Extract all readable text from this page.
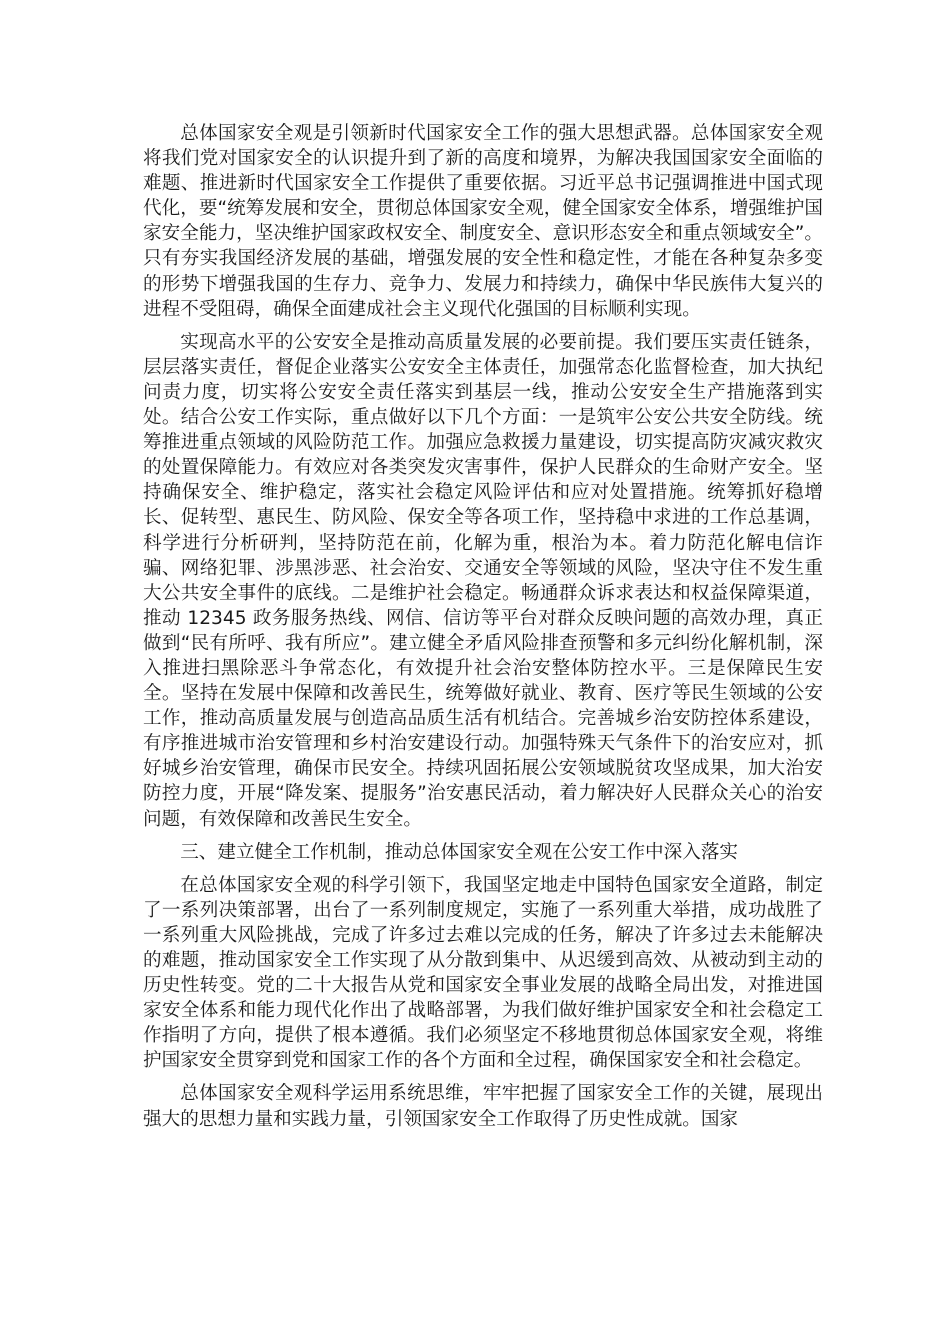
总体国家安全观是引领新时代国家安全工作的强大思想武器。总体国家安全观将我们党对国家安全的认识提升到了新的高度和境界，为解决我国国家安全面临的难题、推进新时代国家安全工作提供了重要依据。习近平总书记强调推进中国式现代化，要“统筹发展和安全，贯彻总体国家安全观，健全国家安全体系，增强维护国家安全能力，坚决维护国家政权安全、制度安全、意识形态安全和重点领域安全”。只有夯实我国经济发展的基础，增强发展的安全性和稳定性，才能在各种复杂多变的形势下增强我国的生存力、竞争力、发展力和持续力，确保中华民族伟大复兴的进程不受阻碍，确保全面建成社会主义现代化强国的目标顺利实现。

实现高水平的公安安全是推动高质量发展的必要前提。我们要压实责任链条，层层落实责任，督促企业落实公安安全主体责任，加强常态化监督检查，加大执纪问责力度，切实将公安安全责任落实到基层一线，推动公安安全生产措施落到实处。结合公安工作实际，重点做好以下几个方面：一是筑牢公安公共安全防线。统筹推进重点领域的风险防范工作。加强应急救援力量建设，切实提高防灾减灾救灾的处置保障能力。有效应对各类突发灾害事件，保护人民群众的生命财产安全。坚持确保安全、维护稳定，落实社会稳定风险评估和应对处置措施。统筹抓好稳增长、促转型、惠民生、防风险、保安全等各项工作，坚持稳中求进的工作总基调，科学进行分析研判，坚持防范在前，化解为重，根治为本。着力防范化解电信诈骗、网络犯罪、涉黑涉恶、社会治安、交通安全等领域的风险，坚决守住不发生重大公共安全事件的底线。二是维护社会稳定。畅通群众诉求表达和权益保障渠道，推动 12345 政务服务热线、网信、信访等平台对群众反映问题的高效办理，真正做到“民有所呼、我有所应”。建立健全矛盾风险排查预警和多元纠纷化解机制，深入推进扫黑除恶斗争常态化，有效提升社会治安整体防控水平。三是保障民生安全。坚持在发展中保障和改善民生，统筹做好就业、教育、医疗等民生领域的公安工作，推动高质量发展与创造高品质生活有机结合。完善城乡治安防控体系建设，有序推进城市治安管理和乡村治安建设行动。加强特殊天气条件下的治安应对，抓好城乡治安管理，确保市民安全。持续巩固拓展公安领域脱贫攻坚成果，加大治安防控力度，开展“降发案、提服务”治安惠民活动，着力解决好人民群众关心的治安问题，有效保障和改善民生安全。

三、建立健全工作机制，推动总体国家安全观在公安工作中深入落实

在总体国家安全观的科学引领下，我国坚定地走中国特色国家安全道路，制定了一系列决策部署，出台了一系列制度规定，实施了一系列重大举措，成功战胜了一系列重大风险挑战，完成了许多过去难以完成的任务，解决了许多过去未能解决的难题，推动国家安全工作实现了从分散到集中、从迟缓到高效、从被动到主动的历史性转变。党的二十大报告从党和国家安全事业发展的战略全局出发，对推进国家安全体系和能力现代化作出了战略部署，为我们做好维护国家安全和社会稳定工作指明了方向，提供了根本遵循。我们必须坚定不移地贯彻总体国家安全观，将维护国家安全贯穿到党和国家工作的各个方面和全过程，确保国家安全和社会稳定。

总体国家安全观科学运用系统思维，牢牢把握了国家安全工作的关键，展现出强大的思想力量和实践力量，引领国家安全工作取得了历史性成就。国家
